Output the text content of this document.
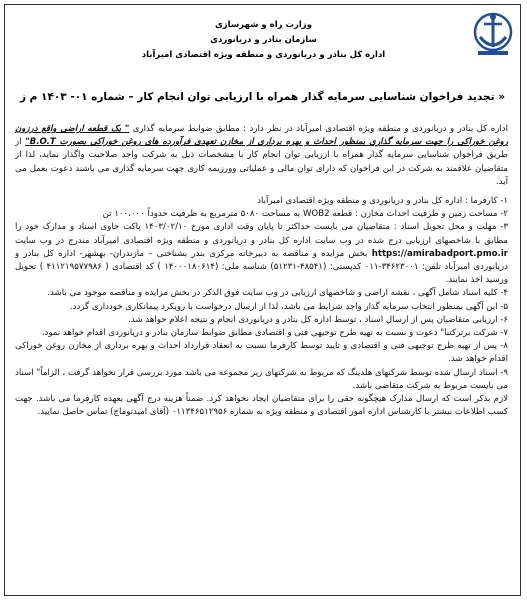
وزارت راه و شهرسازی
سازمان بنادر و دریانوردی
اداره کل بنادر و دریانوردی و منطقه ویژه اقتصادی امیرآباد
« تجدید فراخوان شناسایی سرمایه گذار همراه با ارزیابی توان انجام کار – شماره ۰۱- ۱۴۰۳ م ز

اداره کل بنادر و دریانوردی و منطقه ویژه اقتصادی امیرآباد در نظر دارد : مطابق ضوابط سرمایه گذاری " یک قطعه اراضی واقع درزون روغن خوراکی را جهت سرمایه گذاری بمنظور احداث و بهره برداری از مخازن تعهدی فرآورده های روغن خوراکی بصورت B.O.T" از طریق فراخوان شناسایی سرمایه گذار همراه با ارزیابی توان انجام کار با مشخصات ذیل به شرکت واجد صلاحیت واگذار نماید، لذا از متقاضیان علاقمند به شرکت در این فراخوان که دارای توان مالی و عملیاتی وورزیمه کاری جهت سرمایه گذاری می باشند دعوت بعمل می آید.

۱- کارفرما : اداره کل بنادر و دریانوردی و منطقه ویژه اقتصادی امیرآباد

۲- مساحت زمین و ظرفیت احداث مخازن : قطعه WOB2 به مساحت ۵۰۸۰ مترمربع به ظرفیت حدوداً ۱۰۰،۰۰۰ تن

۳- مهلت و محل تحویل اسناد : متقاضیان می بایست حداکثر تا پایان وقت اداری مورخ ۱۴۰۳/۰۲/۱۰ پاکت حاوی اسناد و مدارک خود را مطابق با شاخصهای ارزیابی درج شده در وب سایت اداره کل بنادر و دریانوردی و منطقه ویژه اقتصادی امیرآباد مندرج در وب سایت https://amirabadport.pmo.ir بخش مزایده و مناقصه به دبیرخانه مرکزی بندر بشناختی – مازندران- بهشهر- اداره کل بنادر و دریانوردی امیرآباد تلفن: ۳۴۶۲۳۰۰۱-۰۱۱ کدپستی: (۴۸۵۴۱-۵۱۲۳۱) شناسه ملی: (۱۴۰۰۰۱۸۰۶۱۴ ) کد اقتصادی ( ۴۱۱۲۱۹۵۷۷۹۸۶ ) تحویل ورسید اخذ نمایند.

۴- کلیه اسناد شامل آگهی ، نقشه اراضی و شاخصهای ارزیابی در وب سایت فوق الذکر در بخش مزایده و مناقصه موجود می باشد.

۵- این آگهی بمنظور انتخاب سرمایه گذار واجد شرایط می باشد، لذا از ارسال درخواست با رویکرد پیمانکاری خودداری گردد.

۶- ارزیابی متقاضیان پس از ارسال اسناد ، توسط اداره کل بنادر و دریانوردی انجام و نتیجه اعلام خواهد شد.

۷- شرکت برترکتبا" دعوت و نسبت به تهیه طرح توجیهی فنی و اقتصادی مطابق ضوابط سازمان بنادر و دریانوردی اقدام خواهد نمود.

۸- پس از تهیه طرح توجیهی فنی و اقتصادی و تایید توسط کارفرما نسبت به انعقاد قرارداد احداث و بهره برداری از مخازن روغن خوراکی اقدام خواهد شد.

۹- اسناد ارسال شده توسط شرکتهای هلدینگ که مربوط به شرکتهای زیر مجموعه می باشد مورد بررسی قرار نخواهد گرفت ، الزاماً" اسناد می بایست مربوط به شرکت متقاضی باشد.

لازم بذکر است که ارسال مدارک هیچگونه حقی را برای متقاضیان ایجاد نخواهد کرد. ضمناً هزینه درج آگهی بعهده کارفرما می باشد. جهت کسب اطلاعات بیشتر با کارشناس اداره امور اقتصادی و منطقه ویژه به شماره ۰۱۱۳۴۶۵۱۲۹۵۶ (آقای امیدتوماج) تماس حاصل نمایید.
